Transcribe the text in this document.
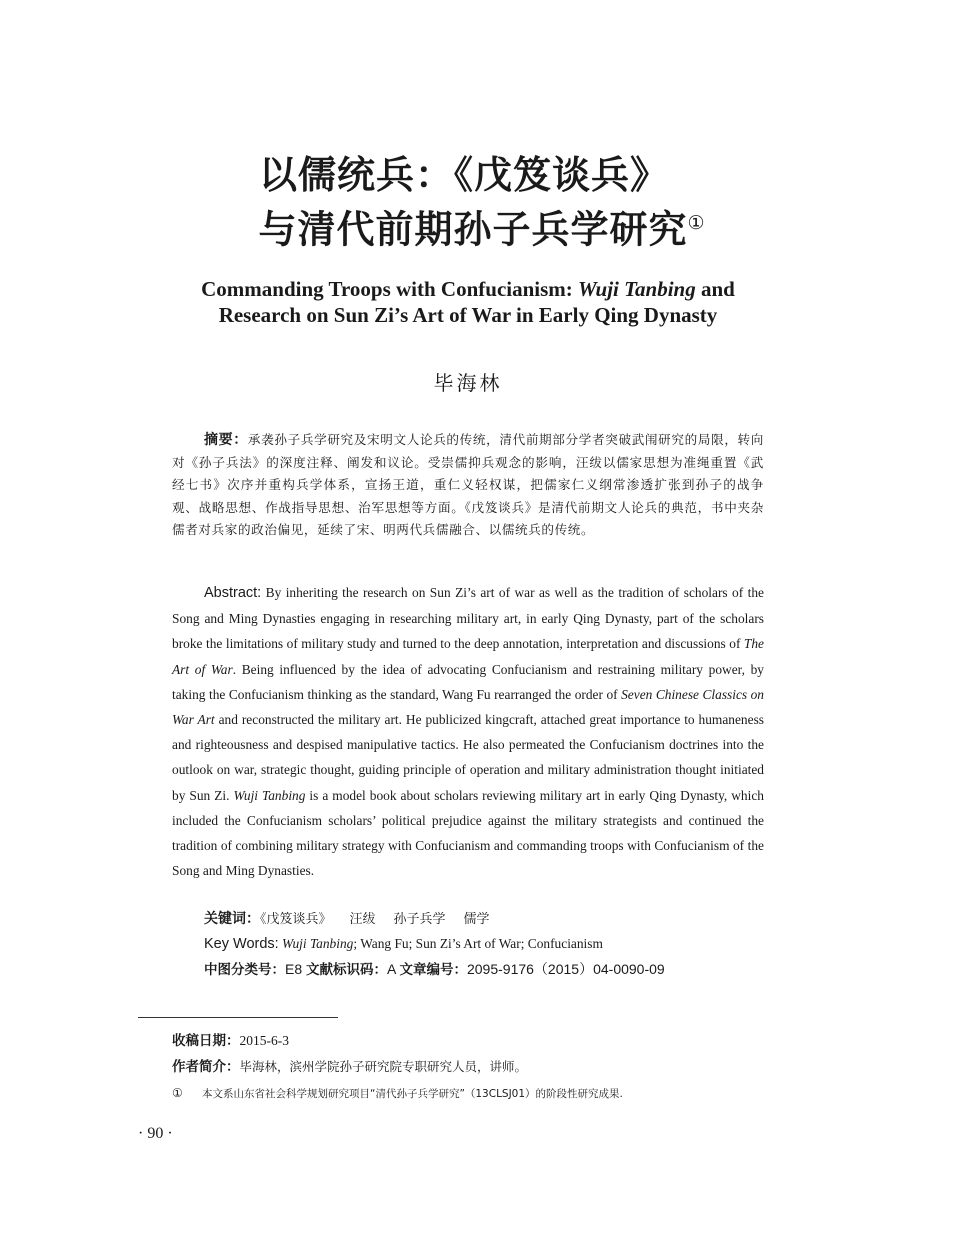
以儒统兵：《戊笈谈兵》
与清代前期孙子兵学研究①
Commanding Troops with Confucianism: Wuji Tanbing and
Research on Sun Zi’s Art of War in Early Qing Dynasty
毕海林
摘要：承袭孙子兵学研究及宋明文人论兵的传统，清代前期部分学者突破武闱研究的局限，转向对《孙子兵法》的深度注释、阐发和议论。受崇儒抑兵观念的影响，汪绂以儒家思想为准绳重置《武经七书》次序并重构兵学体系，宣扬王道，重仁义轻权谋，把儒家仁义纲常渗透扩张到孙子的战争观、战略思想、作战指导思想、治军思想等方面。《戊笈谈兵》是清代前期文人论兵的典范，书中夹杂儒者对兵家的政治偏见，延续了宋、明两代兵儒融合、以儒统兵的传统。
Abstract: By inheriting the research on Sun Zi’s art of war as well as the tradition of scholars of the Song and Ming Dynasties engaging in researching military art, in early Qing Dynasty, part of the scholars broke the limitations of military study and turned to the deep annotation, interpretation and discussions of The Art of War. Being influenced by the idea of advocating Confucianism and restraining military power, by taking the Confucianism thinking as the standard, Wang Fu rearranged the order of Seven Chinese Classics on War Art and reconstructed the military art. He publicized kingcraft, attached great importance to humaneness and righteousness and despised manipulative tactics. He also permeated the Confucianism doctrines into the outlook on war, strategic thought, guiding principle of operation and military administration thought initiated by Sun Zi. Wuji Tanbing is a model book about scholars reviewing military art in early Qing Dynasty, which included the Confucianism scholars’ political prejudice against the military strategists and continued the tradition of combining military strategy with Confucianism and commanding troops with Confucianism of the Song and Ming Dynasties.
关键词：《戊笈谈兵》 汪绂 孙子兵学 儒学
Key Words: Wuji Tanbing; Wang Fu; Sun Zi’s Art of War; Confucianism
中图分类号：E8 文献标识码：A 文章编号：2095-9176（2015）04-0090-09
收稿日期：2015-6-3
作者简介：毕海林，滨州学院孙子研究院专职研究人员，讲师。
① 本文系山东省社会科学规划研究项目“清代孙子兵学研究”（13CLSJ01）的阶段性研究成果.
· 90 ·
